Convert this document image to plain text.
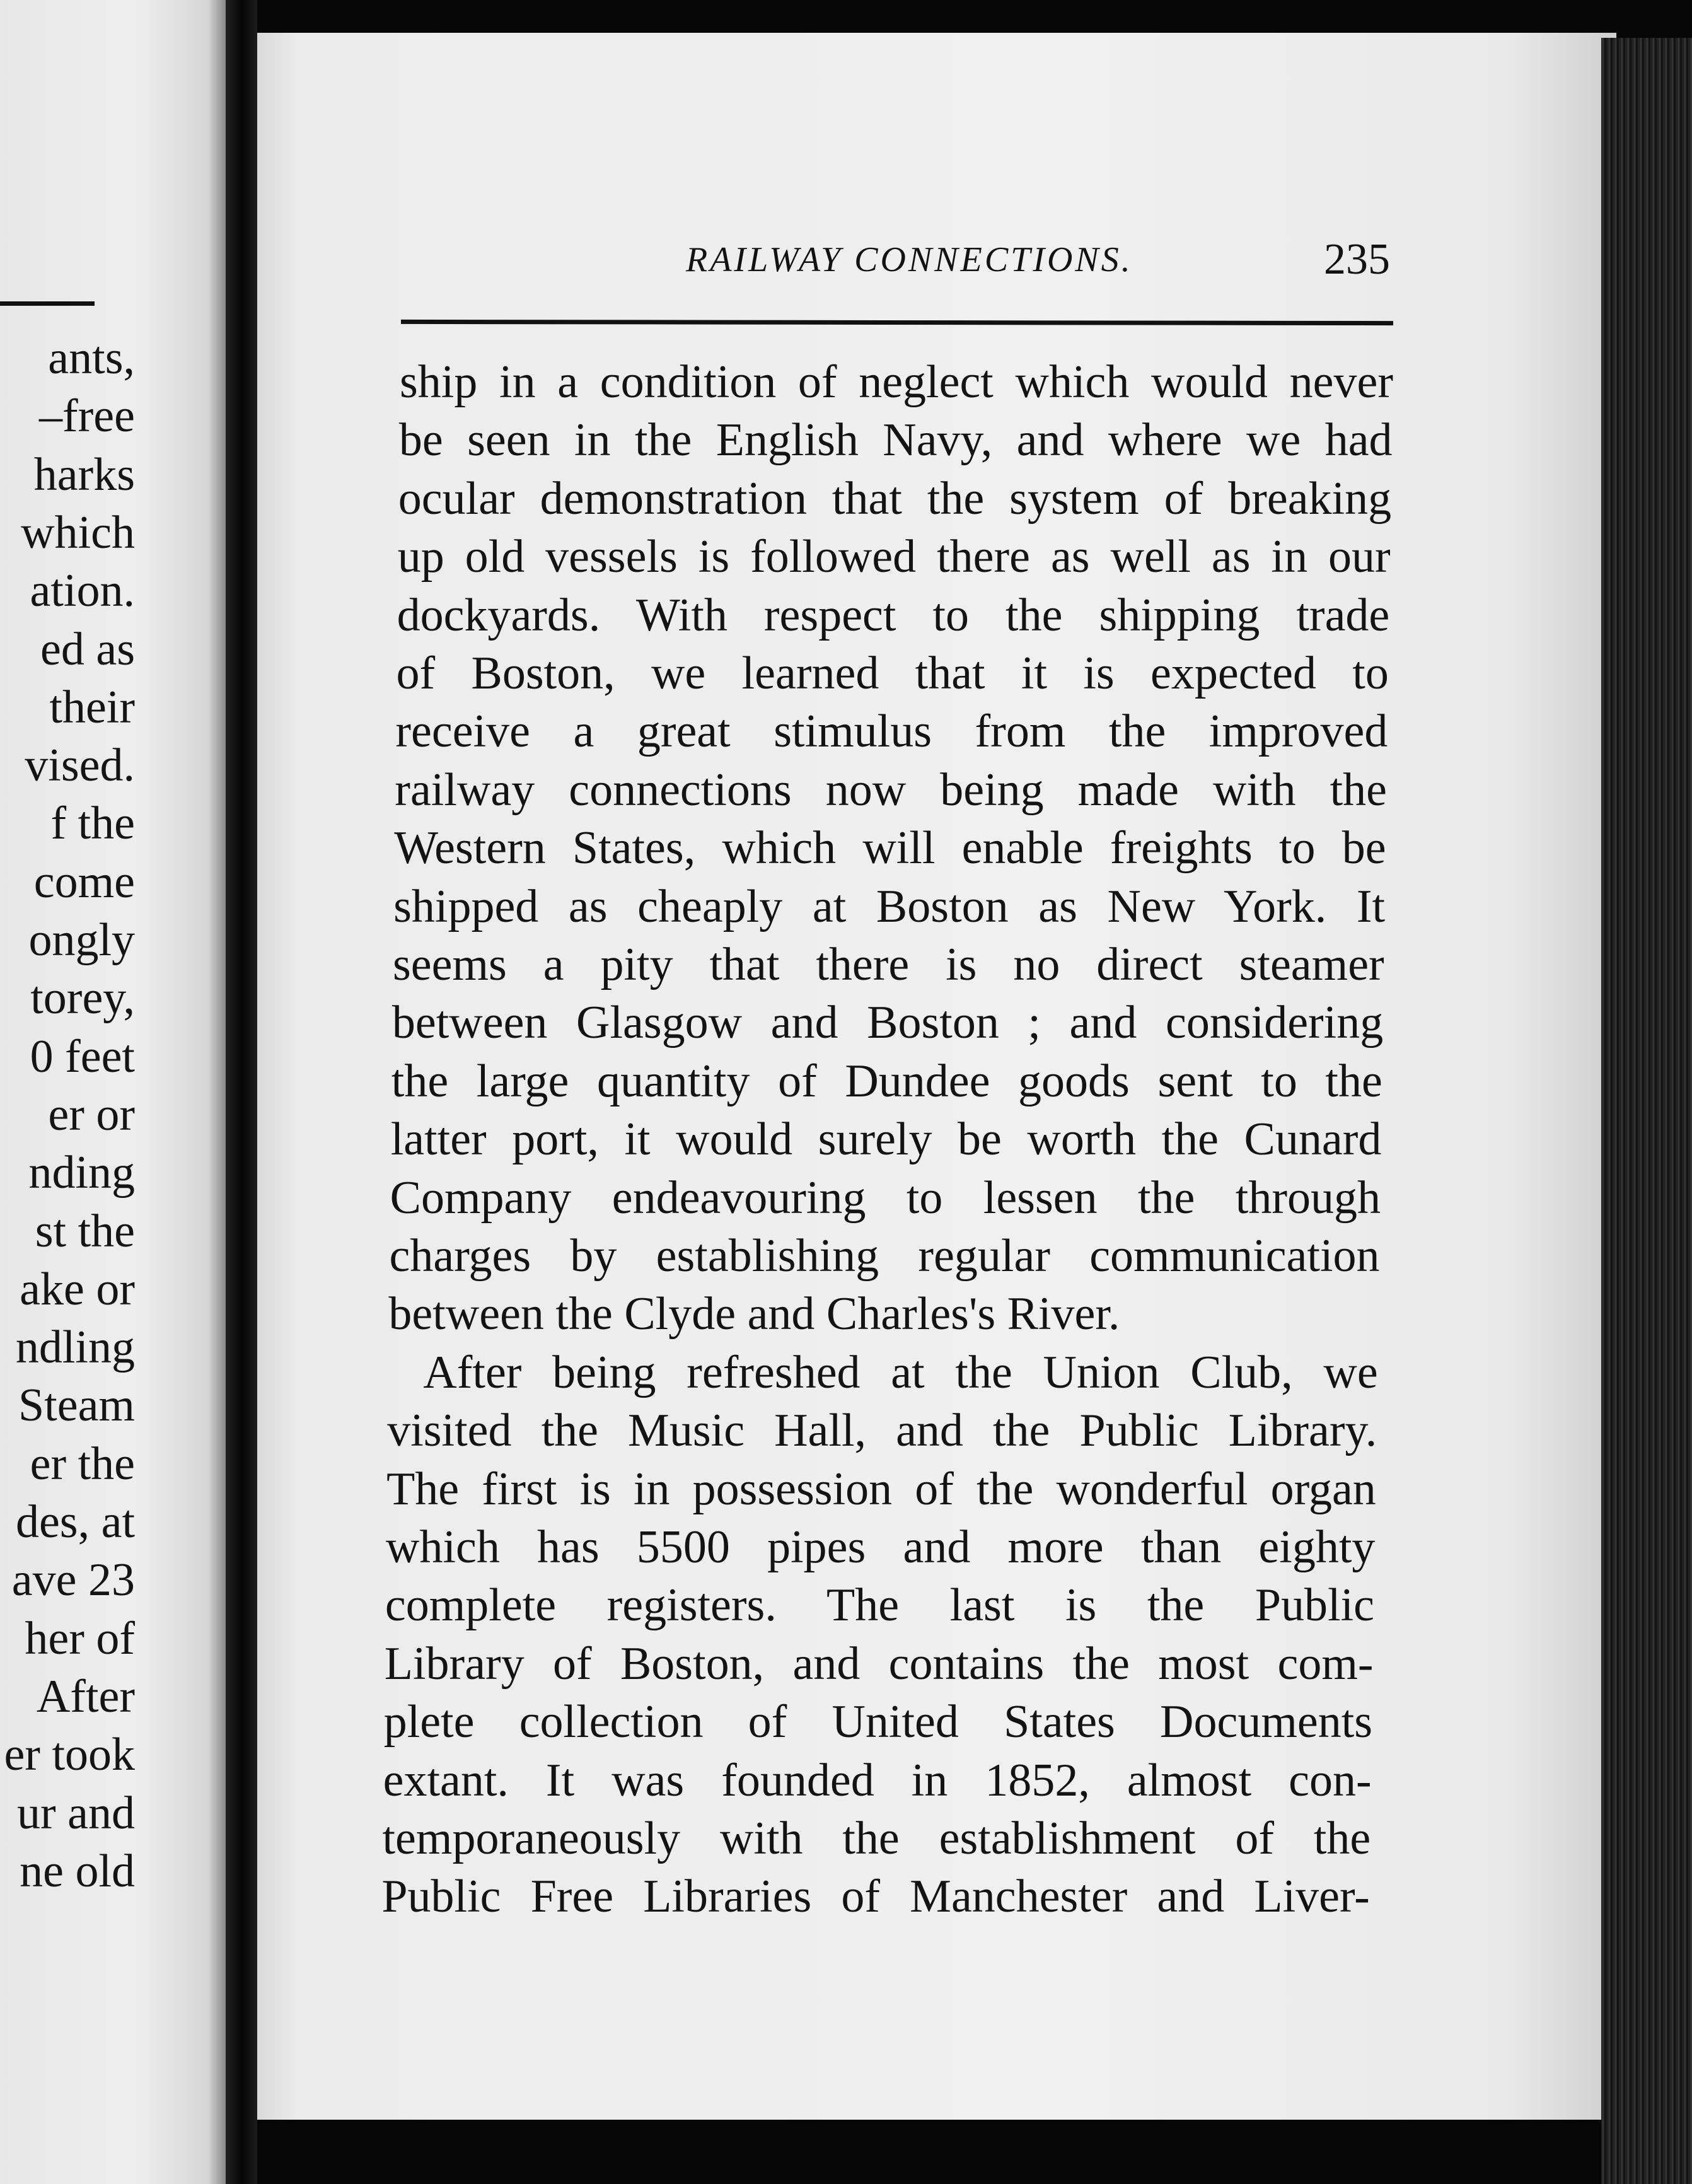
ants,
–free
harks
which
ation.
ed as
their
vised.
f the
come
ongly
torey,
0 feet
er or
nding
st the
ake or
ndling
Steam
er the
des, at
ave 23
her of
After
er took
ur and
ne old
RAILWAY CONNECTIONS.	235
ship in a condition of neglect which would never
be seen in the English Navy, and where we had
ocular demonstration that the system of breaking
up old vessels is followed there as well as in our
dockyards. With respect to the shipping trade
of Boston, we learned that it is expected to
receive a great stimulus from the improved
railway connections now being made with the
Western States, which will enable freights to be
shipped as cheaply at Boston as New York. It
seems a pity that there is no direct steamer
between Glasgow and Boston ; and considering
the large quantity of Dundee goods sent to the
latter port, it would surely be worth the Cunard
Company endeavouring to lessen the through
charges by establishing regular communication
between the Clyde and Charles's River.
After being refreshed at the Union Club, we
visited the Music Hall, and the Public Library.
The first is in possession of the wonderful organ
which has 5500 pipes and more than eighty
complete registers. The last is the Public
Library of Boston, and contains the most com-
plete collection of United States Documents
extant. It was founded in 1852, almost con-
temporaneously with the establishment of the
Public Free Libraries of Manchester and Liver-
